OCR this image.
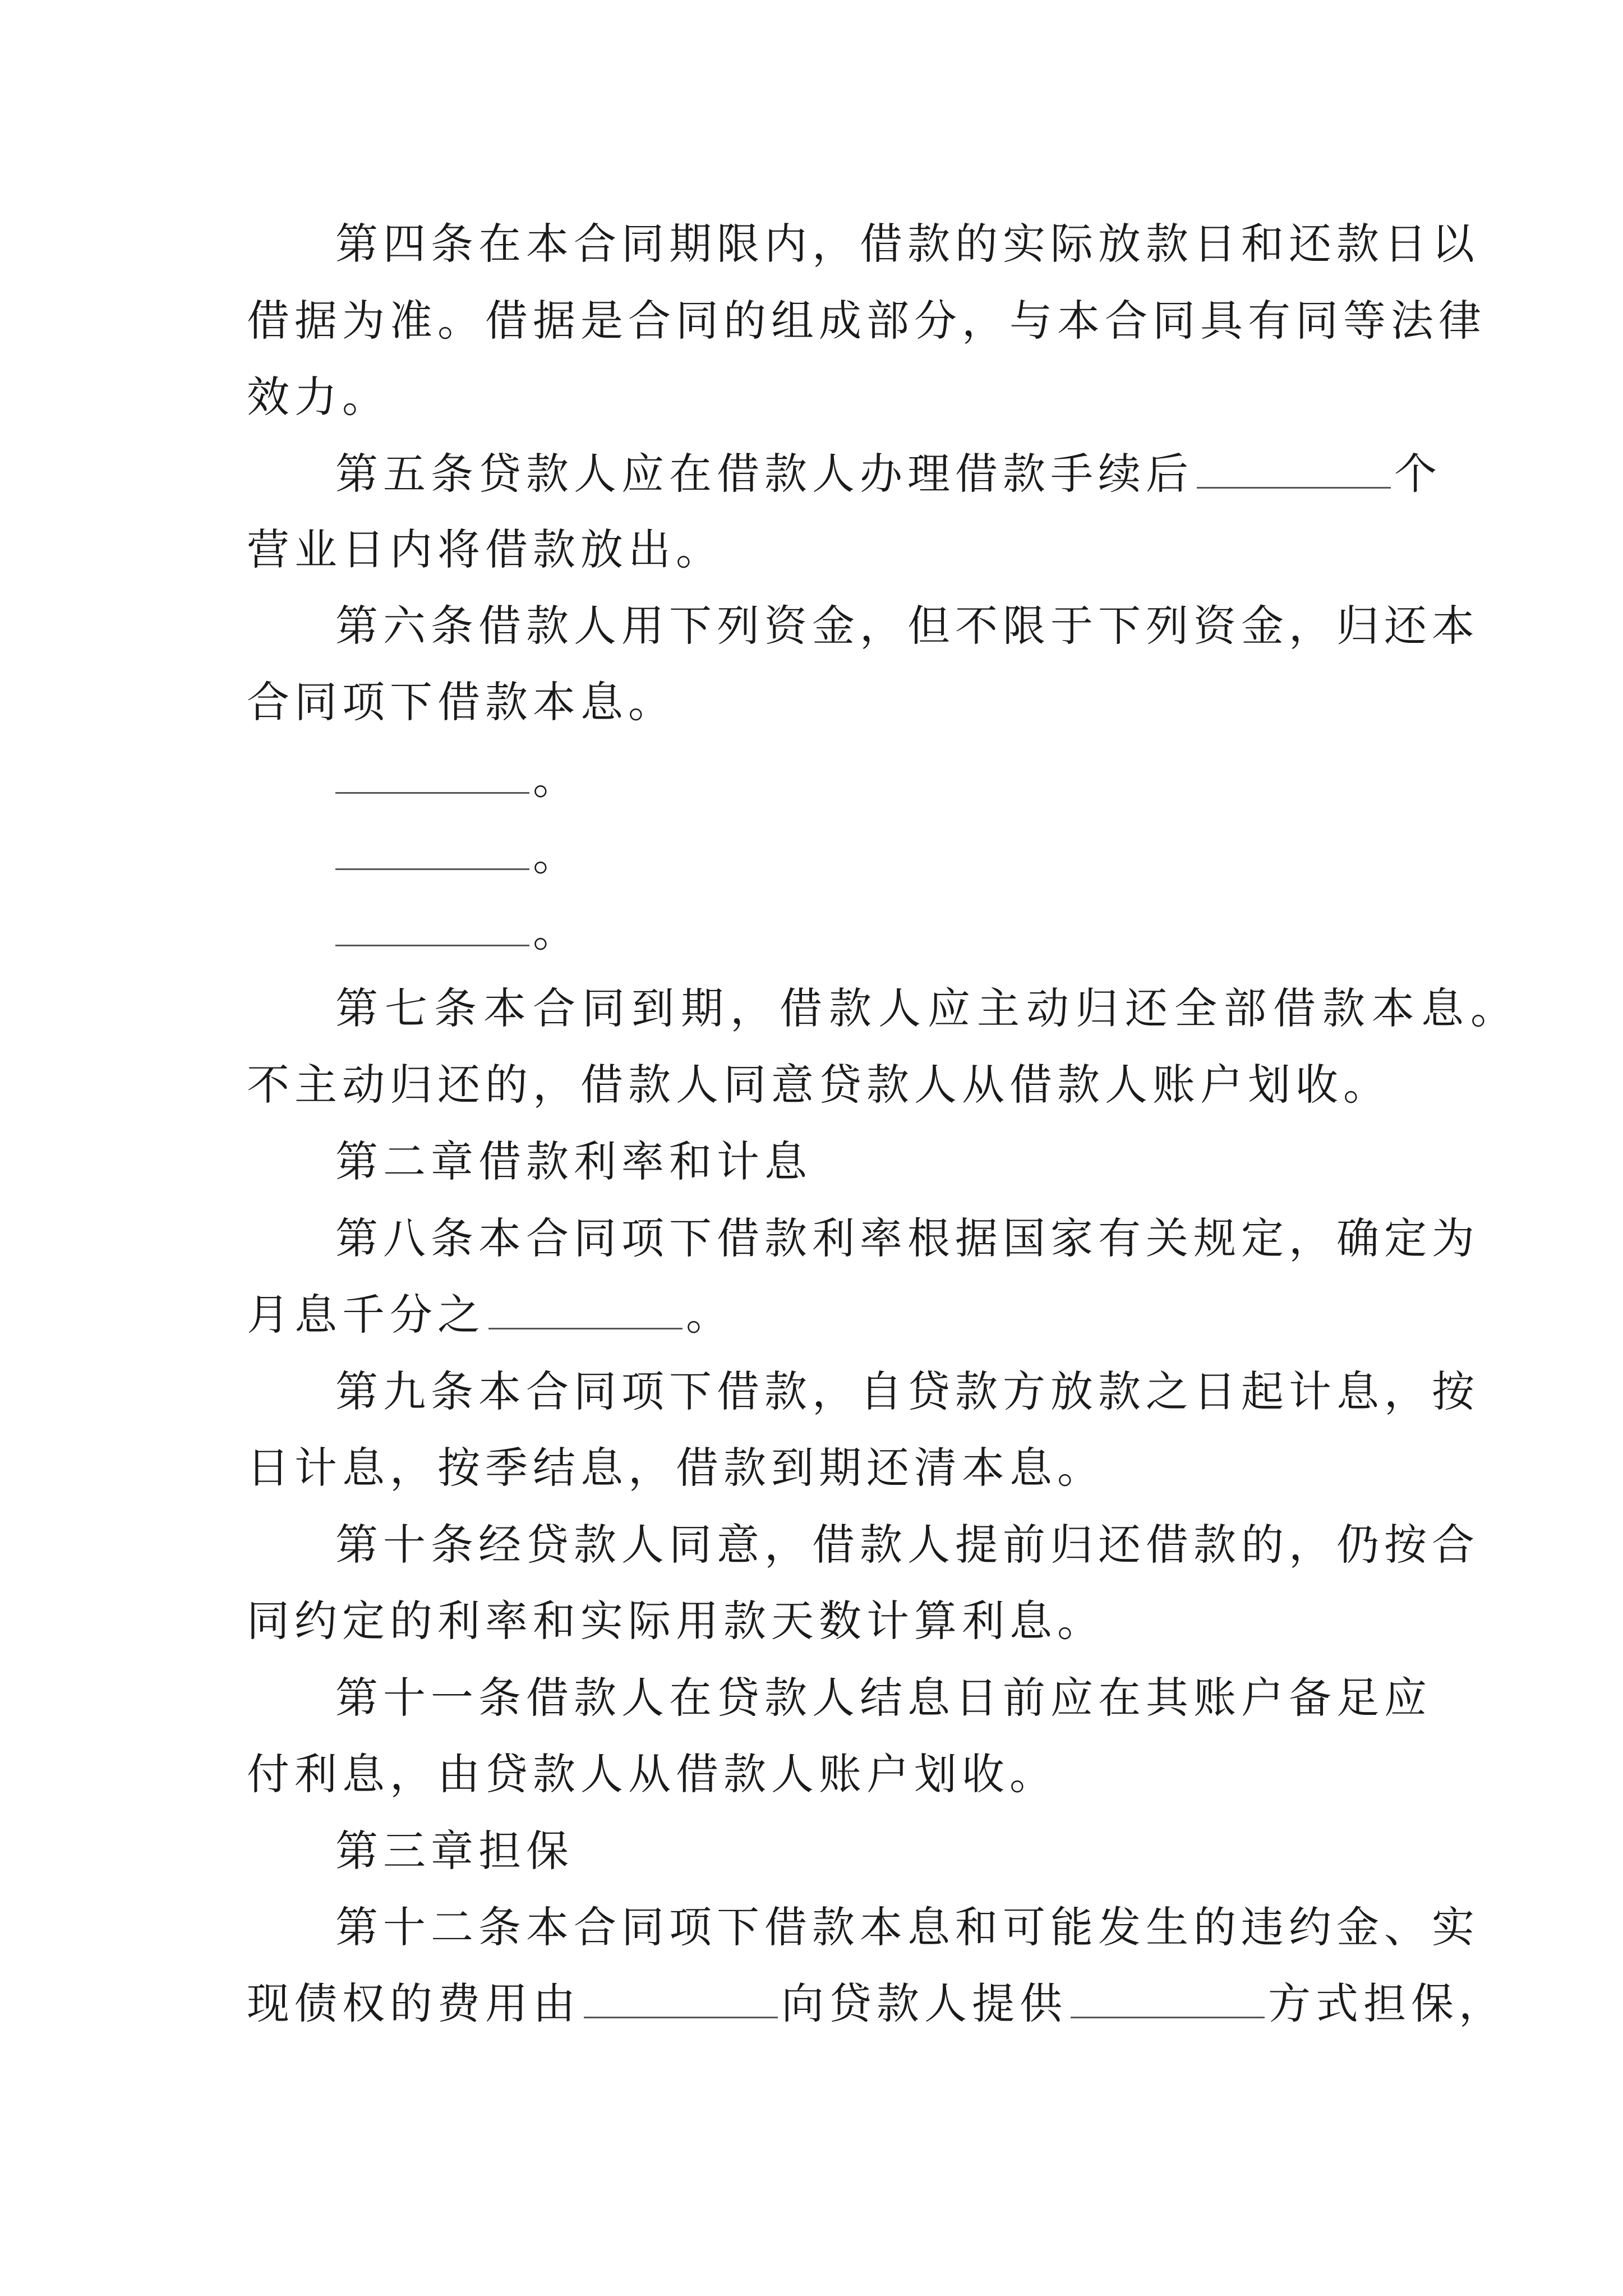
第四条在本合同期限内，借款的实际放款日和还款日以
借据为准。借据是合同的组成部分，与本合同具有同等法律
效力。
第五条贷款人应在借款人办理借款手续后	个
营业日内将借款放出。
第六条借款人用下列资金，但不限于下列资金，归还本
合同项下借款本息。
。
。
。
第七条本合同到期，借款人应主动归还全部借款本息。
不主动归还的，借款人同意贷款人从借款人账户划收。
第二章借款利率和计息
第八条本合同项下借款利率根据国家有关规定，确定为
月息千分之	。
第九条本合同项下借款，自贷款方放款之日起计息，按
日计息，按季结息，借款到期还清本息。
第十条经贷款人同意，借款人提前归还借款的，仍按合
同约定的利率和实际用款天数计算利息。
第十一条借款人在贷款人结息日前应在其账户备足应
付利息，由贷款人从借款人账户划收。
第三章担保
第十二条本合同项下借款本息和可能发生的违约金、实
现债权的费用由	向贷款人提供	方式担保，
